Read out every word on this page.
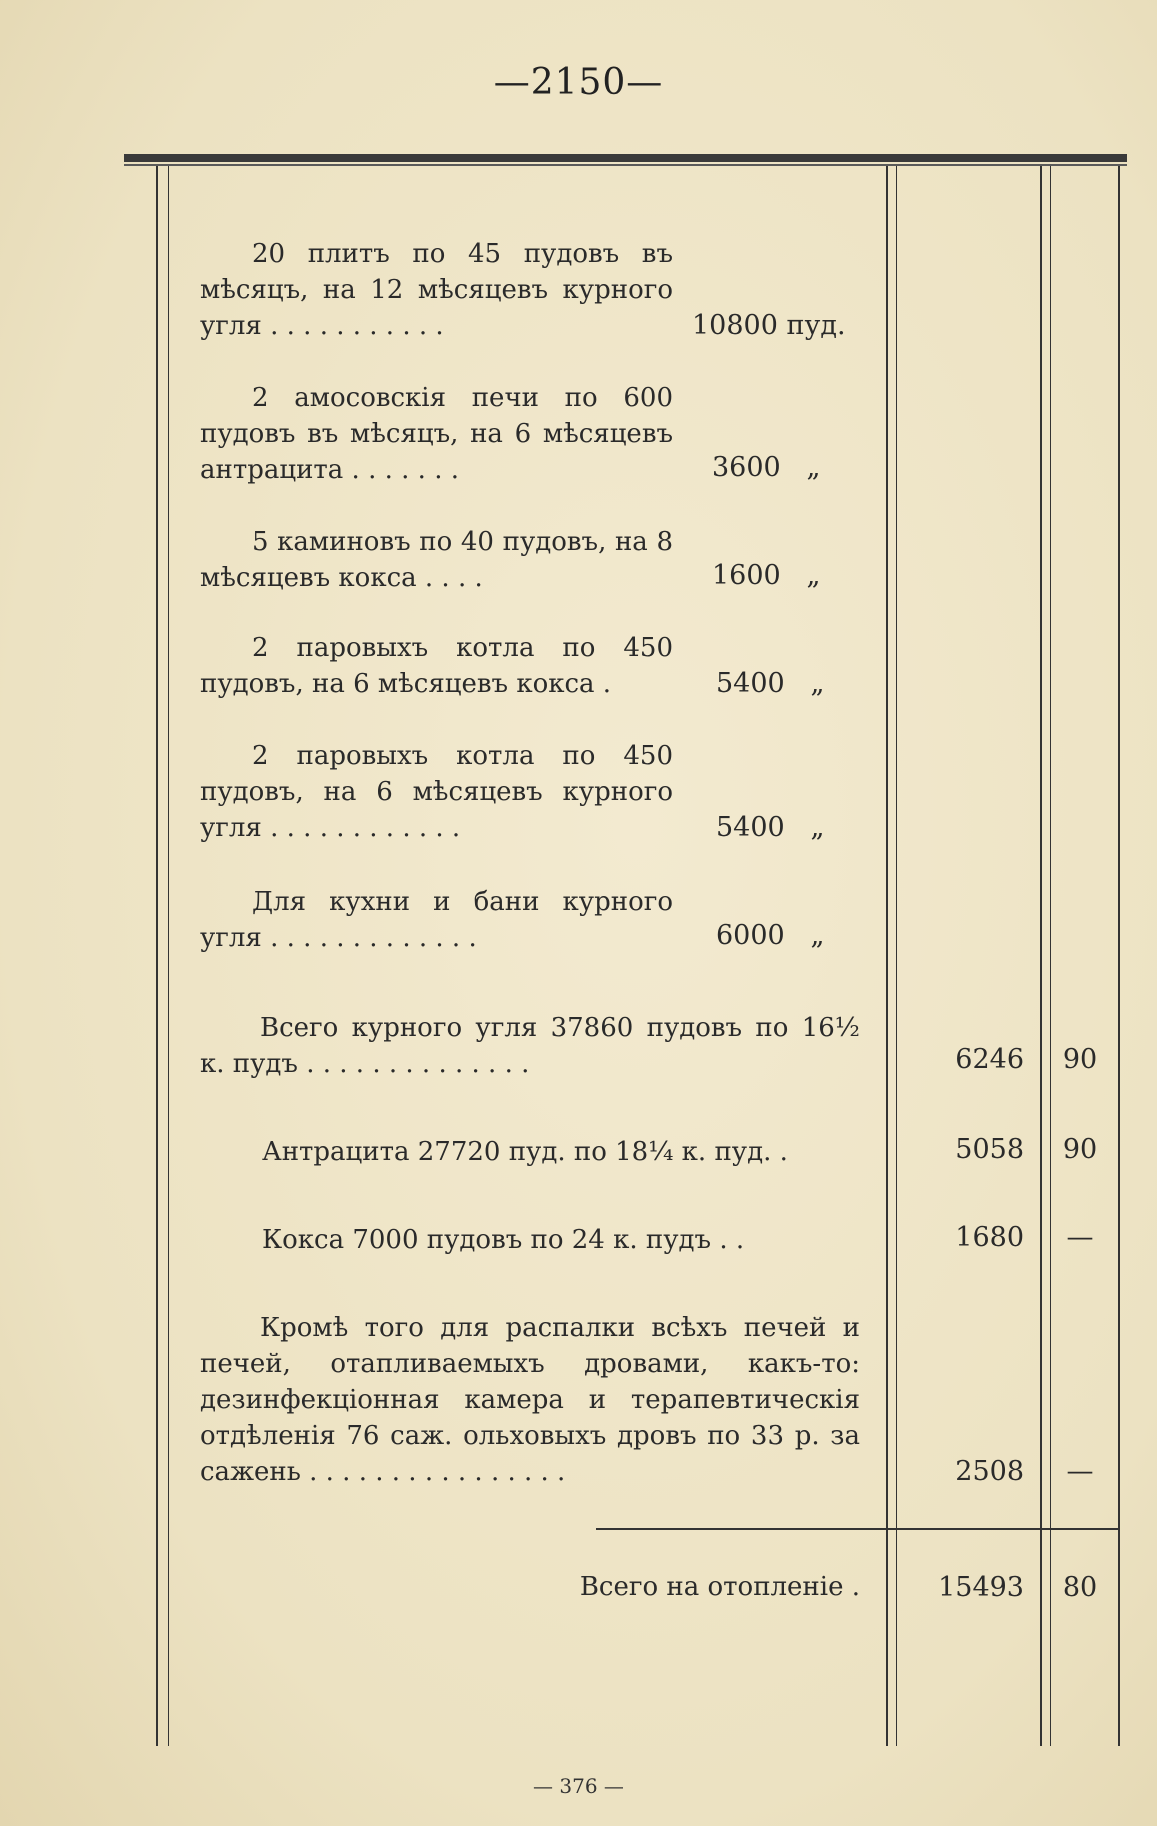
—2150—
20 плитъ по 45 пудовъ въ мѣсяцъ, на 12 мѣсяцевъ курного угля . . . . . . . . . . .	10800 пуд.
2 амосовскія печи по 600 пудовъ въ мѣсяцъ, на 6 мѣсяцевъ антрацита . . . . . . .	3600 „
5 каминовъ по 40 пудовъ, на 8 мѣсяцевъ кокса . . . .	1600 „
2 паровыхъ котла по 450 пудовъ, на 6 мѣсяцевъ кокса .	5400 „
2 паровыхъ котла по 450 пудовъ, на 6 мѣсяцевъ курного угля . . . . . . . . . . . .	5400 „
Для кухни и бани курного угля . . . . . . . . . . . . .	6000 „
Всего курного угля 37860 пудовъ по 16½ к. пудъ . . . . . . . . . . . . . .	6246	90
Антрацита 27720 пуд. по 18¼ к. пуд. .	5058	90
Кокса 7000 пудовъ по 24 к. пудъ . .	1680	—
Кромѣ того для распалки всѣхъ печей и печей, отапливаемыхъ дровами, какъ-то: дезинфекціонная камера и терапевтическія отдѣленія 76 саж. ольховыхъ дровъ по 33 р. за сажень . . . . . . . . . . . . . . . .	2508	—
Всего на отопленіе .	15493	80
— 376 —
